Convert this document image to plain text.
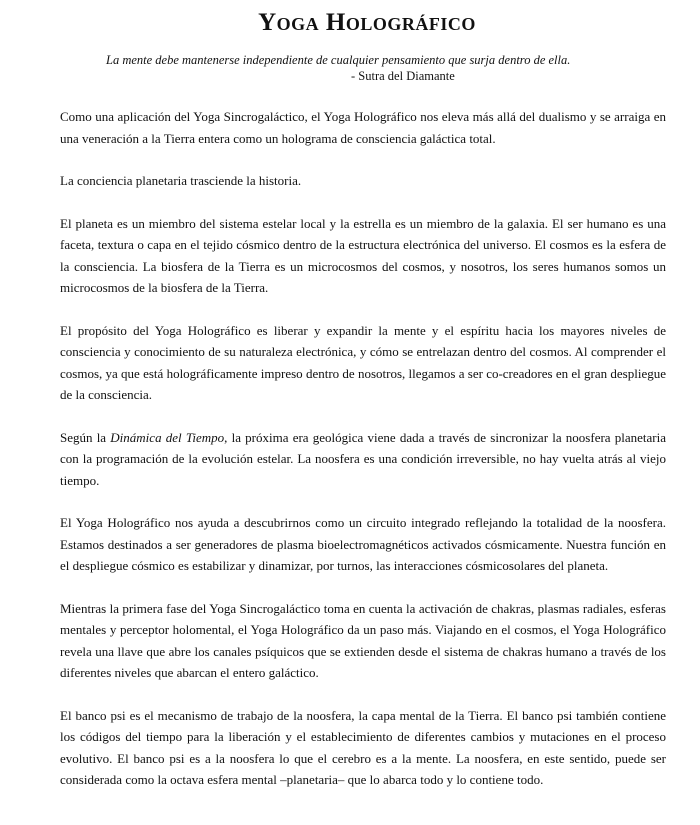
Yoga Holográfico
La mente debe mantenerse independiente de cualquier pensamiento que surja dentro de ella.
- Sutra del Diamante

Como una aplicación del Yoga Sincrogaláctico, el Yoga Holográfico nos eleva más allá del dualismo y se arraiga en una veneración a la Tierra entera como un holograma de consciencia galáctica total.

La conciencia planetaria trasciende la historia.

El planeta es un miembro del sistema estelar local y la estrella es un miembro de la galaxia. El ser humano es una faceta, textura o capa en el tejido cósmico dentro de la estructura electrónica del universo. El cosmos es la esfera de la consciencia. La biosfera de la Tierra es un microcosmos del cosmos, y nosotros, los seres humanos somos un microcosmos de la biosfera de la Tierra.

El propósito del Yoga Holográfico es liberar y expandir la mente y el espíritu hacia los mayores niveles de consciencia y conocimiento de su naturaleza electrónica, y cómo se entrelazan dentro del cosmos. Al comprender el cosmos, ya que está holográficamente impreso dentro de nosotros, llegamos a ser co-creadores en el gran despliegue de la consciencia.

Según la Dinámica del Tiempo, la próxima era geológica viene dada a través de sincronizar la noosfera planetaria con la programación de la evolución estelar. La noosfera es una condición irreversible, no hay vuelta atrás al viejo tiempo.

El Yoga Holográfico nos ayuda a descubrirnos como un circuito integrado reflejando la totalidad de la noosfera. Estamos destinados a ser generadores de plasma bioelectromagnéticos activados cósmicamente. Nuestra función en el despliegue cósmico es estabilizar y dinamizar, por turnos, las interacciones cósmicosolares del planeta.

Mientras la primera fase del Yoga Sincrogaláctico toma en cuenta la activación de chakras, plasmas radiales, esferas mentales y perceptor holomental, el Yoga Holográfico da un paso más. Viajando en el cosmos, el Yoga Holográfico revela una llave que abre los canales psíquicos que se extienden desde el sistema de chakras humano a través de los diferentes niveles que abarcan el entero galáctico.

El banco psi es el mecanismo de trabajo de la noosfera, la capa mental de la Tierra. El banco psi también contiene los códigos del tiempo para la liberación y el establecimiento de diferentes cambios y mutaciones en el proceso evolutivo. El banco psi es a la noosfera lo que el cerebro es a la mente. La noosfera, en este sentido, puede ser considerada como la octava esfera mental –planetaria– que lo abarca todo y lo contiene todo.
